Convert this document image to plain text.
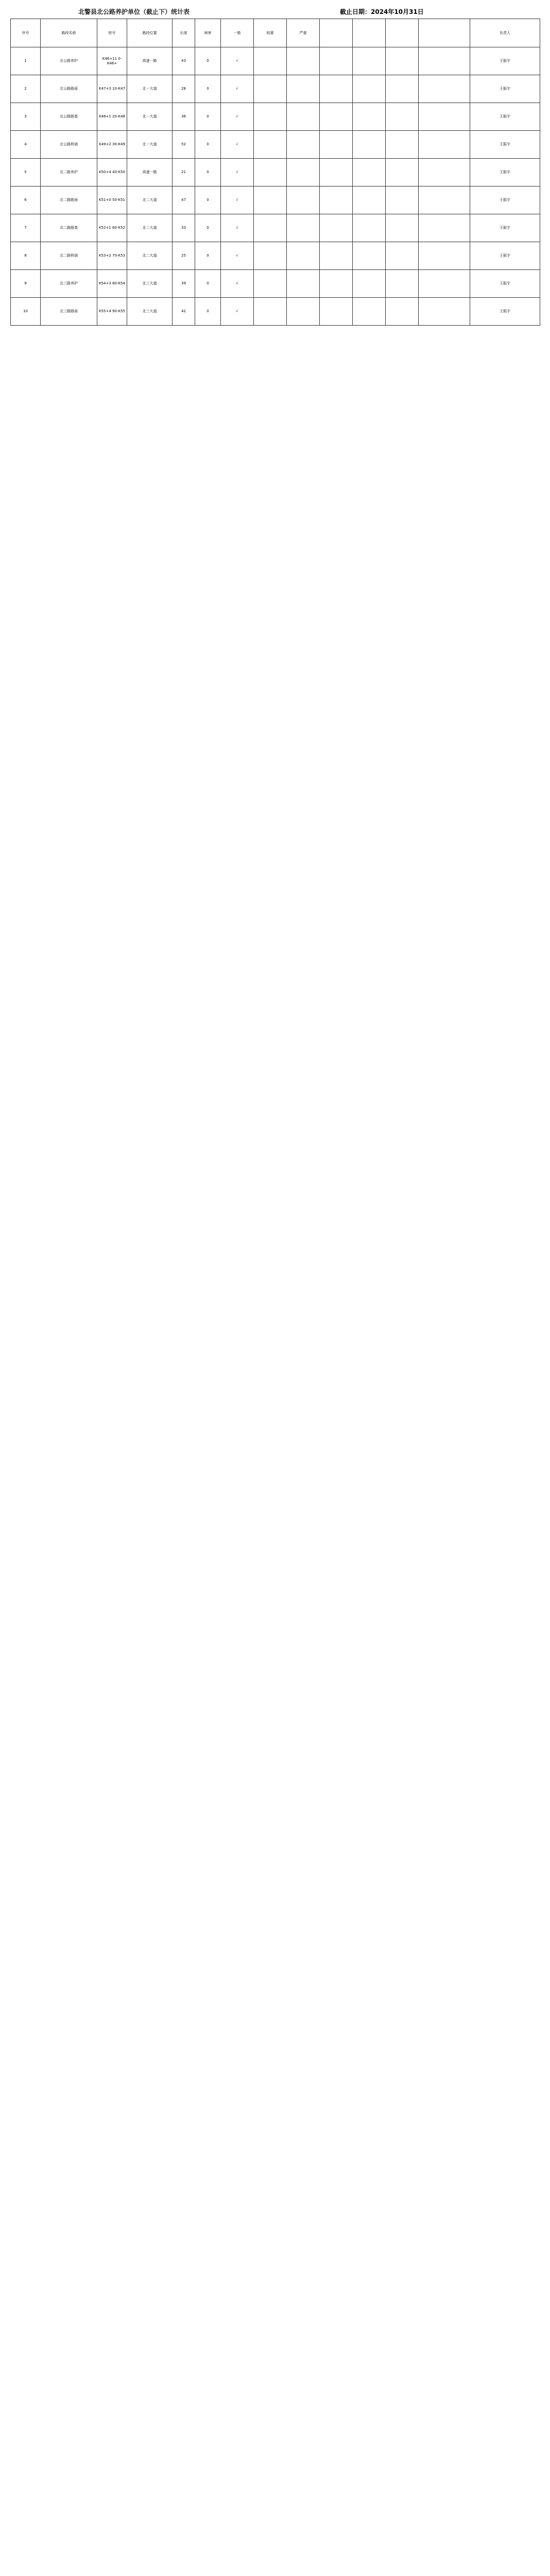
北警县北公路养护单位（截止下）统计表	截止日期：2024年10月31日
序号	路段名称	桩号	路段位置	长度	病害	一般	较重	严重					负责人
1	北公路养护	K46+11 0-K46+	高速一路	43	0	√							王振宇
2	北公路路面	K47+3 10-K47	北一大道	28	0	√							王振宇
3	北公路路基	K48+1 20-K48	北一大道	36	0	√							王振宇
4	北公路桥涵	K49+2 30-K49	北一大道	52	0	√							王振宇
5	北二路养护	K50+4 40-K50	高速一路	21	0	√							王振宇
6	北二路路面	K51+0 50-K51	北二大道	47	0	√							王振宇
7	北二路路基	K52+1 60-K52	北二大道	33	0	√							王振宇
8	北二路桥涵	K53+2 70-K53	北二大道	25	0	√							王振宇
9	北三路养护	K54+3 80-K54	北三大道	39	0	√							王振宇
10	北三路路面	K55+4 90-K55	北三大道	42	0	√							王振宇
